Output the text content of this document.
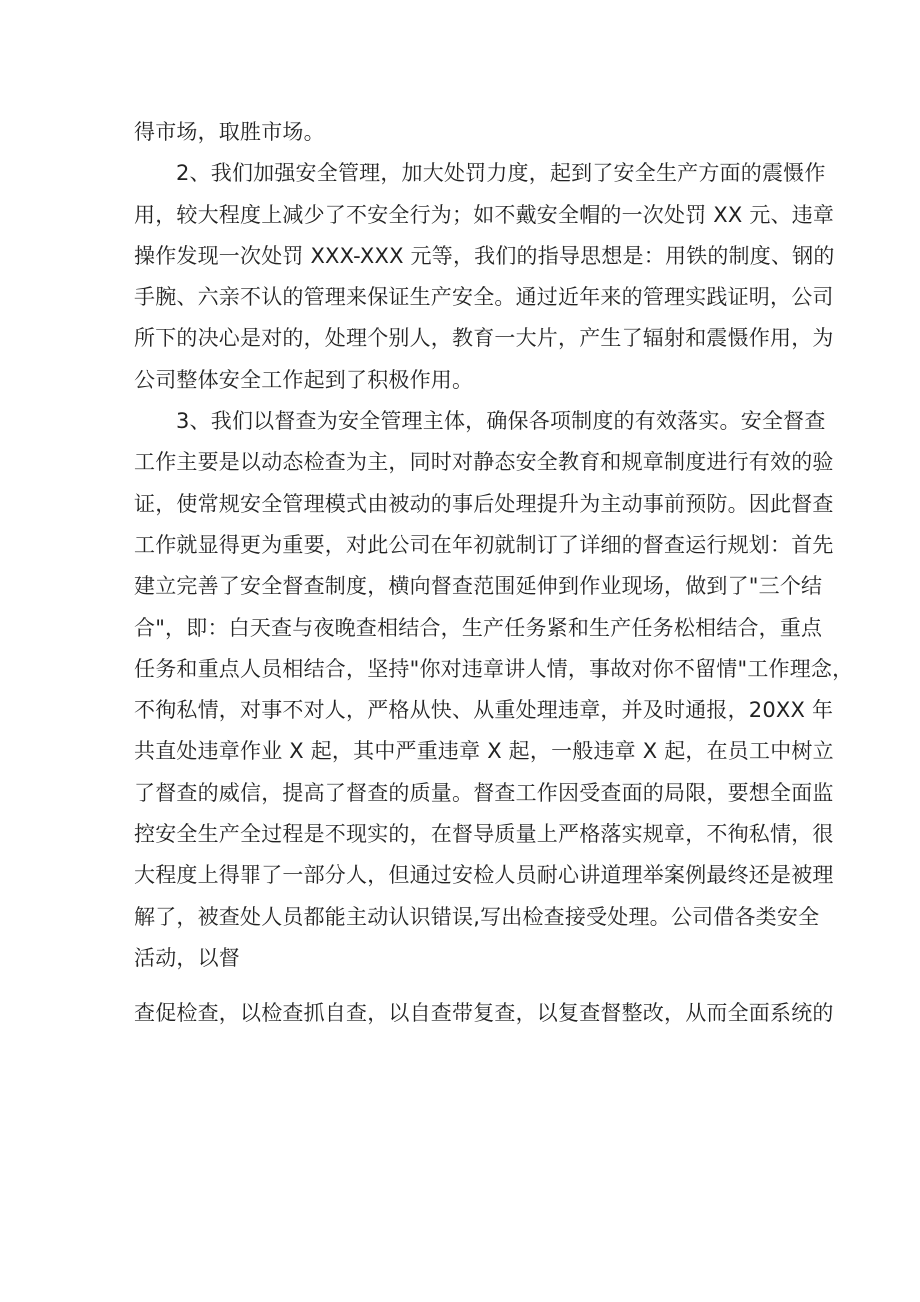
得市场，取胜市场。
2、我们加强安全管理，加大处罚力度，起到了安全生产方面的震慑作
用，较大程度上减少了不安全行为；如不戴安全帽的一次处罚 XX 元、违章
操作发现一次处罚 XXX-XXX 元等，我们的指导思想是：用铁的制度、钢的
手腕、六亲不认的管理来保证生产安全。通过近年来的管理实践证明，公司
所下的决心是对的，处理个别人，教育一大片，产生了辐射和震慑作用，为
公司整体安全工作起到了积极作用。
3、我们以督查为安全管理主体，确保各项制度的有效落实。安全督查
工作主要是以动态检查为主，同时对静态安全教育和规章制度进行有效的验
证，使常规安全管理模式由被动的事后处理提升为主动事前预防。因此督查
工作就显得更为重要，对此公司在年初就制订了详细的督查运行规划：首先
建立完善了安全督查制度，横向督查范围延伸到作业现场，做到了"三个结
合"，即：白天查与夜晚查相结合，生产任务紧和生产任务松相结合，重点
任务和重点人员相结合，坚持"你对违章讲人情，事故对你不留情"工作理念，
不徇私情，对事不对人，严格从快、从重处理违章，并及时通报，20XX 年
共直处违章作业 X 起，其中严重违章 X 起，一般违章 X 起，在员工中树立
了督查的威信，提高了督查的质量。督查工作因受查面的局限，要想全面监
控安全生产全过程是不现实的，在督导质量上严格落实规章，不徇私情，很
大程度上得罪了一部分人，但通过安检人员耐心讲道理举案例最终还是被理
解了，被查处人员都能主动认识错误,写出检查接受处理。公司借各类安全
活动，以督
查促检查，以检查抓自查，以自查带复查，以复查督整改，从而全面系统的
